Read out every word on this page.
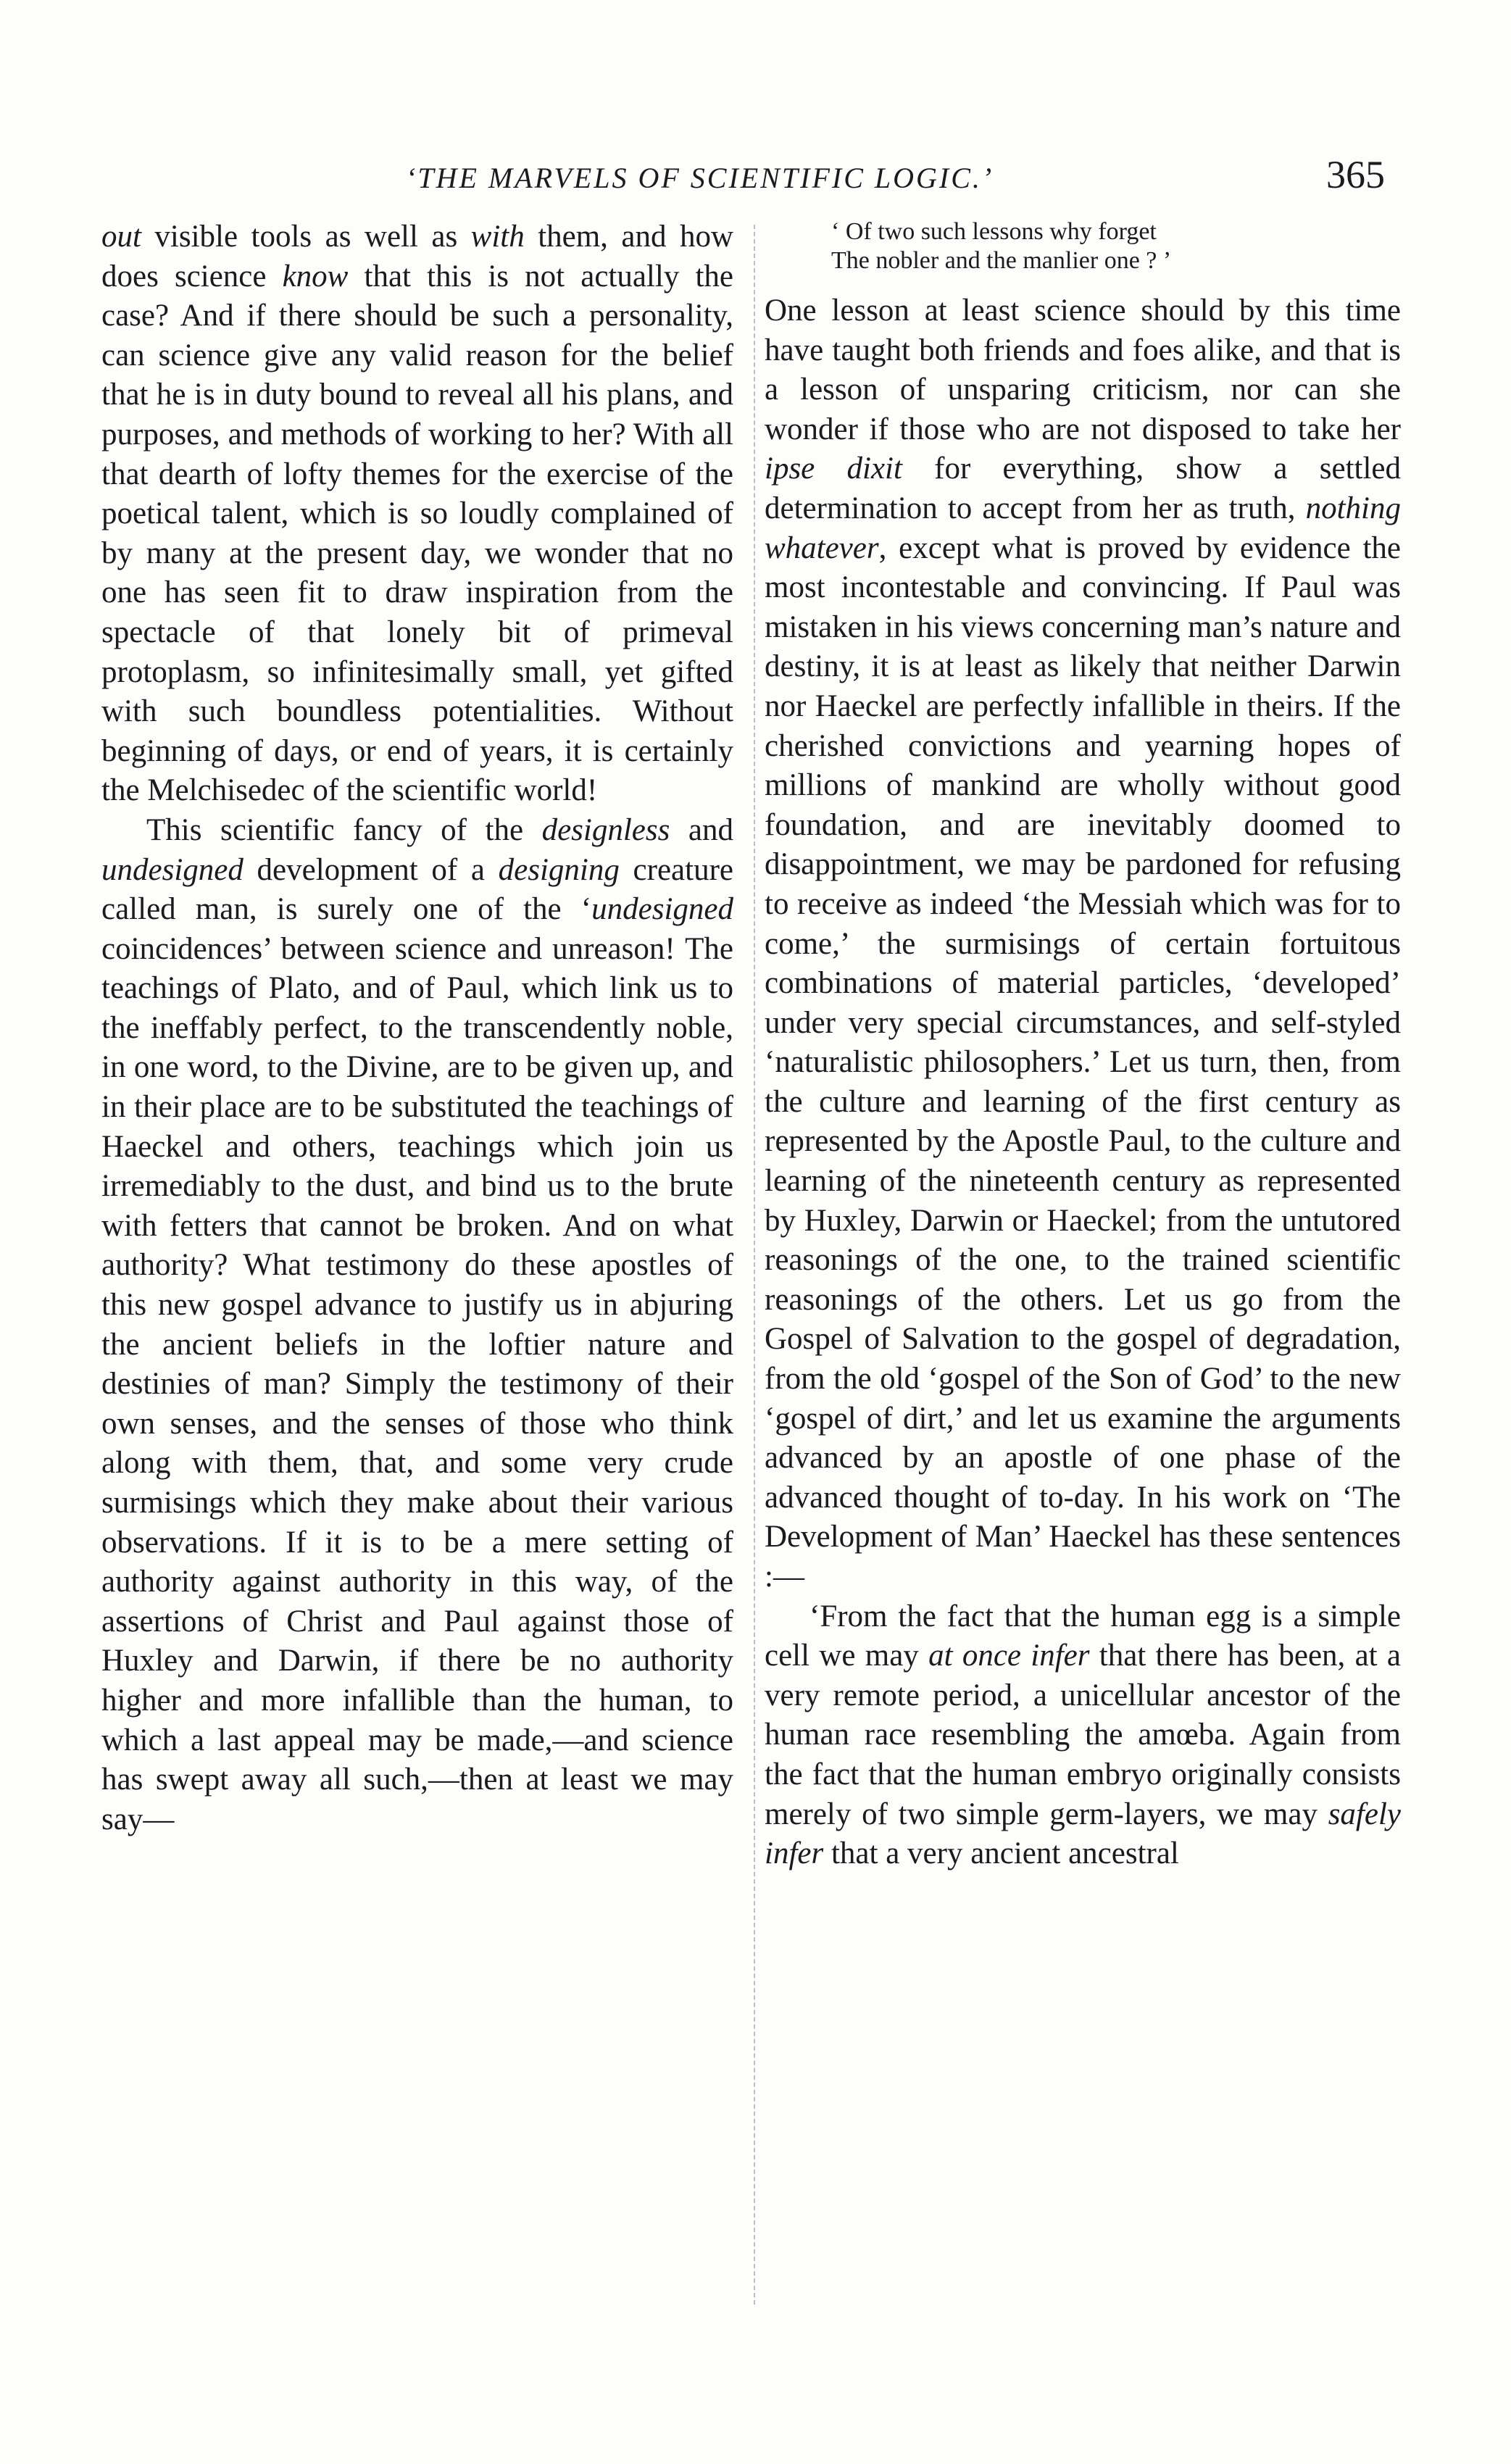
‘THE MARVELS OF SCIENTIFIC LOGIC.’	365

out visible tools as well as with them, and how does science know that this is not actually the case? And if there should be such a personality, can science give any valid reason for the belief that he is in duty bound to reveal all his plans, and purposes, and methods of working to her? With all that dearth of lofty themes for the exercise of the poetical talent, which is so loudly complained of by many at the present day, we wonder that no one has seen fit to draw inspiration from the spectacle of that lonely bit of primeval protoplasm, so infinitesimally small, yet gifted with such boundless potentialities. Without beginning of days, or end of years, it is certainly the Melchisedec of the scientific world!

This scientific fancy of the designless and undesigned development of a designing creature called man, is surely one of the ‘undesigned coincidences’ between science and unreason! The teachings of Plato, and of Paul, which link us to the ineffably perfect, to the transcendently noble, in one word, to the Divine, are to be given up, and in their place are to be substituted the teachings of Haeckel and others, teachings which join us irremediably to the dust, and bind us to the brute with fetters that cannot be broken. And on what authority? What testimony do these apostles of this new gospel advance to justify us in abjuring the ancient beliefs in the loftier nature and destinies of man? Simply the testimony of their own senses, and the senses of those who think along with them, that, and some very crude surmisings which they make about their various observations. If it is to be a mere setting of authority against authority in this way, of the assertions of Christ and Paul against those of Huxley and Darwin, if there be no authority higher and more infallible than the human, to which a last appeal may be made,—and science has swept away all such,—then at least we may say—

‘ Of two such lessons why forget
The nobler and the manlier one ? ’

One lesson at least science should by this time have taught both friends and foes alike, and that is a lesson of unsparing criticism, nor can she wonder if those who are not disposed to take her ipse dixit for everything, show a settled determination to accept from her as truth, nothing whatever, except what is proved by evidence the most incontestable and convincing. If Paul was mistaken in his views concerning man’s nature and destiny, it is at least as likely that neither Darwin nor Haeckel are perfectly infallible in theirs. If the cherished convictions and yearning hopes of millions of mankind are wholly without good foundation, and are inevitably doomed to disappointment, we may be pardoned for refusing to receive as indeed ‘the Messiah which was for to come,’ the surmisings of certain fortuitous combinations of material particles, ‘developed’ under very special circumstances, and self-styled ‘naturalistic philosophers.’ Let us turn, then, from the culture and learning of the first century as represented by the Apostle Paul, to the culture and learning of the nineteenth century as represented by Huxley, Darwin or Haeckel; from the untutored reasonings of the one, to the trained scientific reasonings of the others. Let us go from the Gospel of Salvation to the gospel of degradation, from the old ‘gospel of the Son of God’ to the new ‘gospel of dirt,’ and let us examine the arguments advanced by an apostle of one phase of the advanced thought of to-day. In his work on ‘The Development of Man’ Haeckel has these sentences :—

‘From the fact that the human egg is a simple cell we may at once infer that there has been, at a very remote period, a unicellular ancestor of the human race resembling the amœba. Again from the fact that the human embryo originally consists merely of two simple germ-layers, we may safely infer that a very ancient ancestral
